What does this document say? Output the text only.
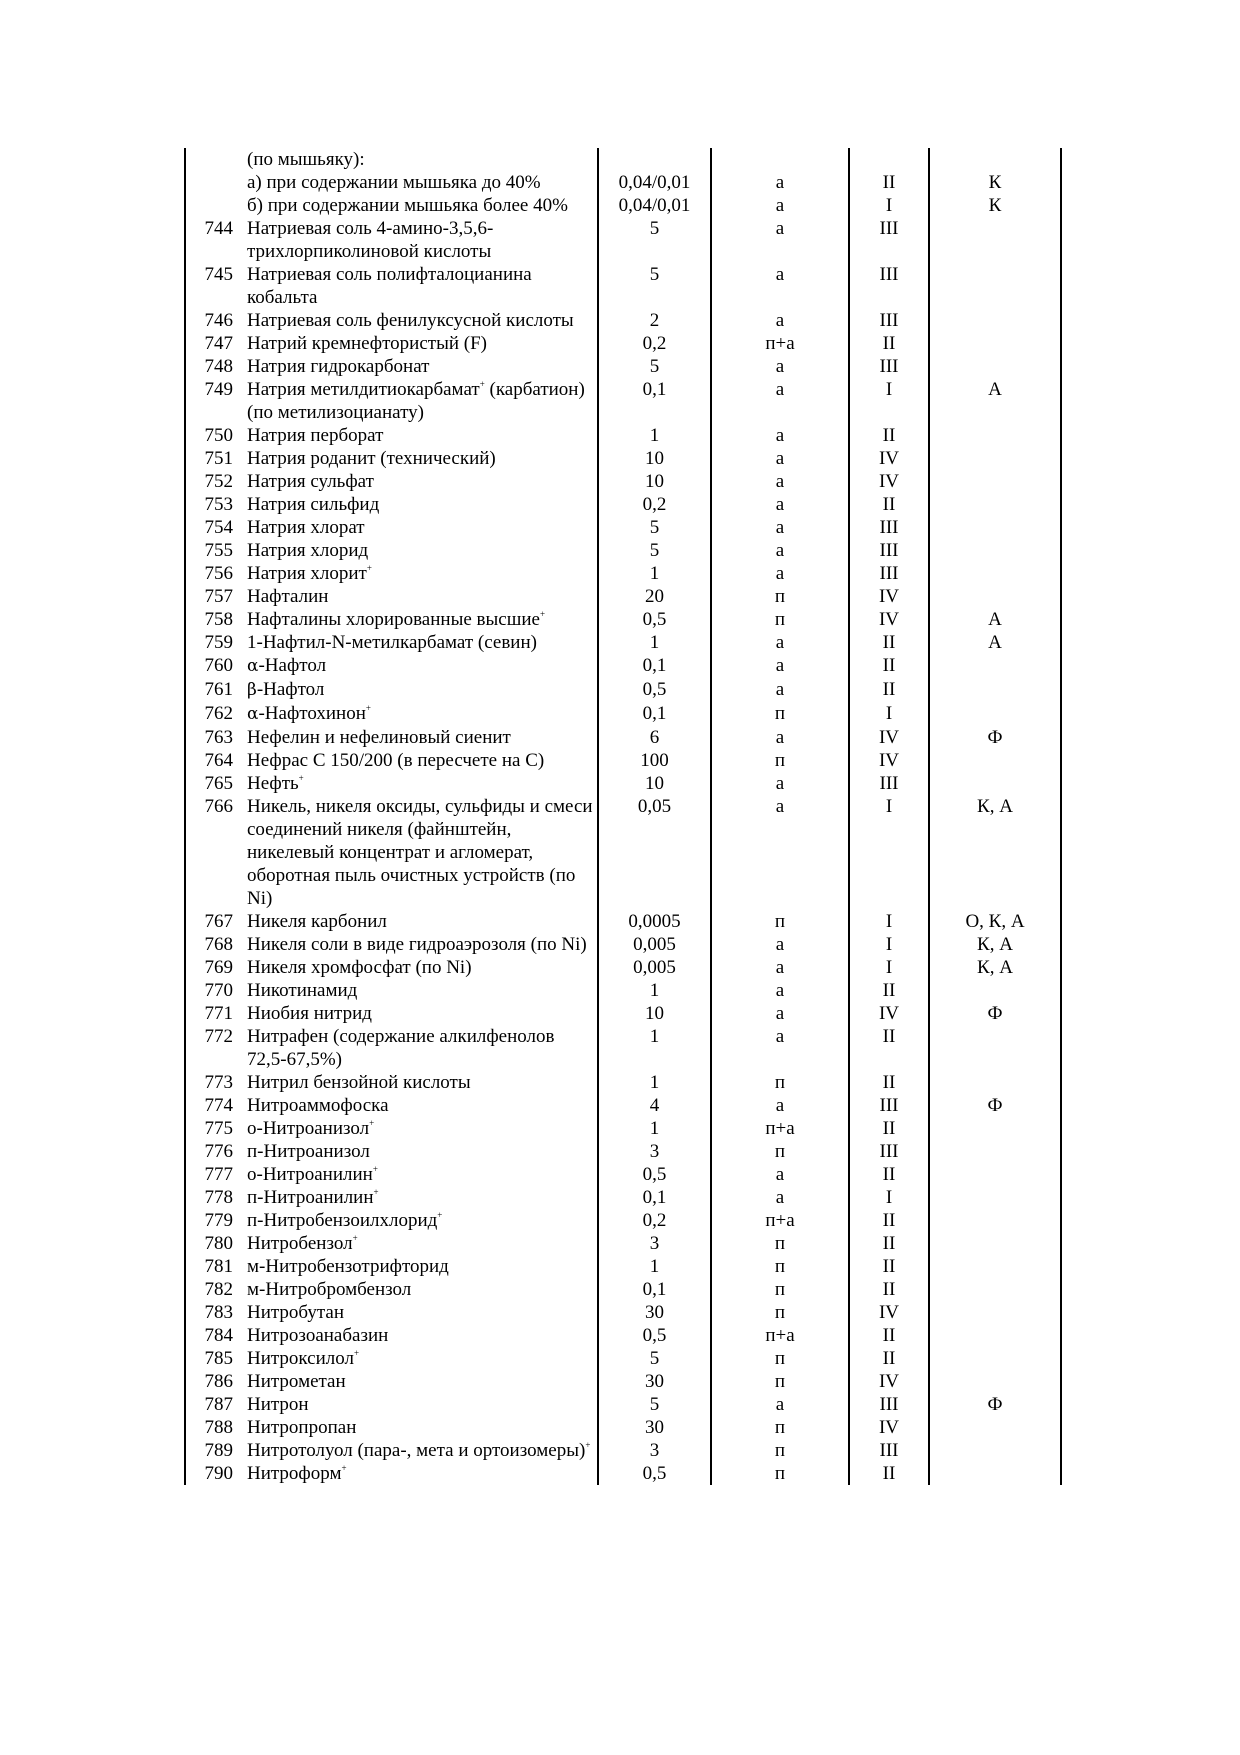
	(по мышьяку):				
	а) при содержании мышьяка до 40%	0,04/0,01	а	II	К
	б) при содержании мышьяка более 40%	0,04/0,01	а	I	К
744	Натриевая соль 4-амино-3,5,6-трихлорпиколиновой кислоты	5	а	III	
745	Натриевая соль полифталоцианина кобальта	5	а	III	
746	Натриевая соль фенилуксусной кислоты	2	а	III	
747	Натрий кремнефтористый (F)	0,2	п+а	II	
748	Натрия гидрокарбонат	5	а	III	
749	Натрия метилдитиокарбамат+ (карбатион) (по метилизоцианату)	0,1	а	I	А
750	Натрия перборат	1	а	II	
751	Натрия роданит (технический)	10	а	IV	
752	Натрия сульфат	10	а	IV	
753	Натрия сильфид	0,2	а	II	
754	Натрия хлорат	5	а	III	
755	Натрия хлорид	5	а	III	
756	Натрия хлорит+	1	а	III	
757	Нафталин	20	п	IV	
758	Нафталины хлорированные высшие+	0,5	п	IV	А
759	1-Нафтил-N-метилкарбамат (севин)	1	а	II	А
760	α-Нафтол	0,1	а	II	
761	β-Нафтол	0,5	а	II	
762	α-Нафтохинон+	0,1	п	I	
763	Нефелин и нефелиновый сиенит	6	а	IV	Ф
764	Нефрас С 150/200 (в пересчете на С)	100	п	IV	
765	Нефть+	10	а	III	
766	Никель, никеля оксиды, сульфиды и смеси соединений никеля (файнштейн, никелевый концентрат и агломерат, оборотная пыль очистных устройств (по Ni)	0,05	а	I	К, А
767	Никеля карбонил	0,0005	п	I	О, К, А
768	Никеля соли в виде гидроаэрозоля (по Ni)	0,005	а	I	К, А
769	Никеля хромфосфат (по Ni)	0,005	а	I	К, А
770	Никотинамид	1	а	II	
771	Ниобия нитрид	10	а	IV	Ф
772	Нитрафен (содержание алкилфенолов 72,5-67,5%)	1	а	II	
773	Нитрил бензойной кислоты	1	п	II	
774	Нитроаммофоска	4	а	III	Ф
775	о-Нитроанизол+	1	п+а	II	
776	п-Нитроанизол	3	п	III	
777	о-Нитроанилин+	0,5	а	II	
778	п-Нитроанилин+	0,1	а	I	
779	п-Нитробензоилхлорид+	0,2	п+а	II	
780	Нитробензол+	3	п	II	
781	м-Нитробензотрифторид	1	п	II	
782	м-Нитробромбензол	0,1	п	II	
783	Нитробутан	30	п	IV	
784	Нитрозоанабазин	0,5	п+а	II	
785	Нитроксилол+	5	п	II	
786	Нитрометан	30	п	IV	
787	Нитрон	5	а	III	Ф
788	Нитропропан	30	п	IV	
789	Нитротолуол (пара-, мета и ортоизомеры)+	3	п	III	
790	Нитроформ+	0,5	п	II	
